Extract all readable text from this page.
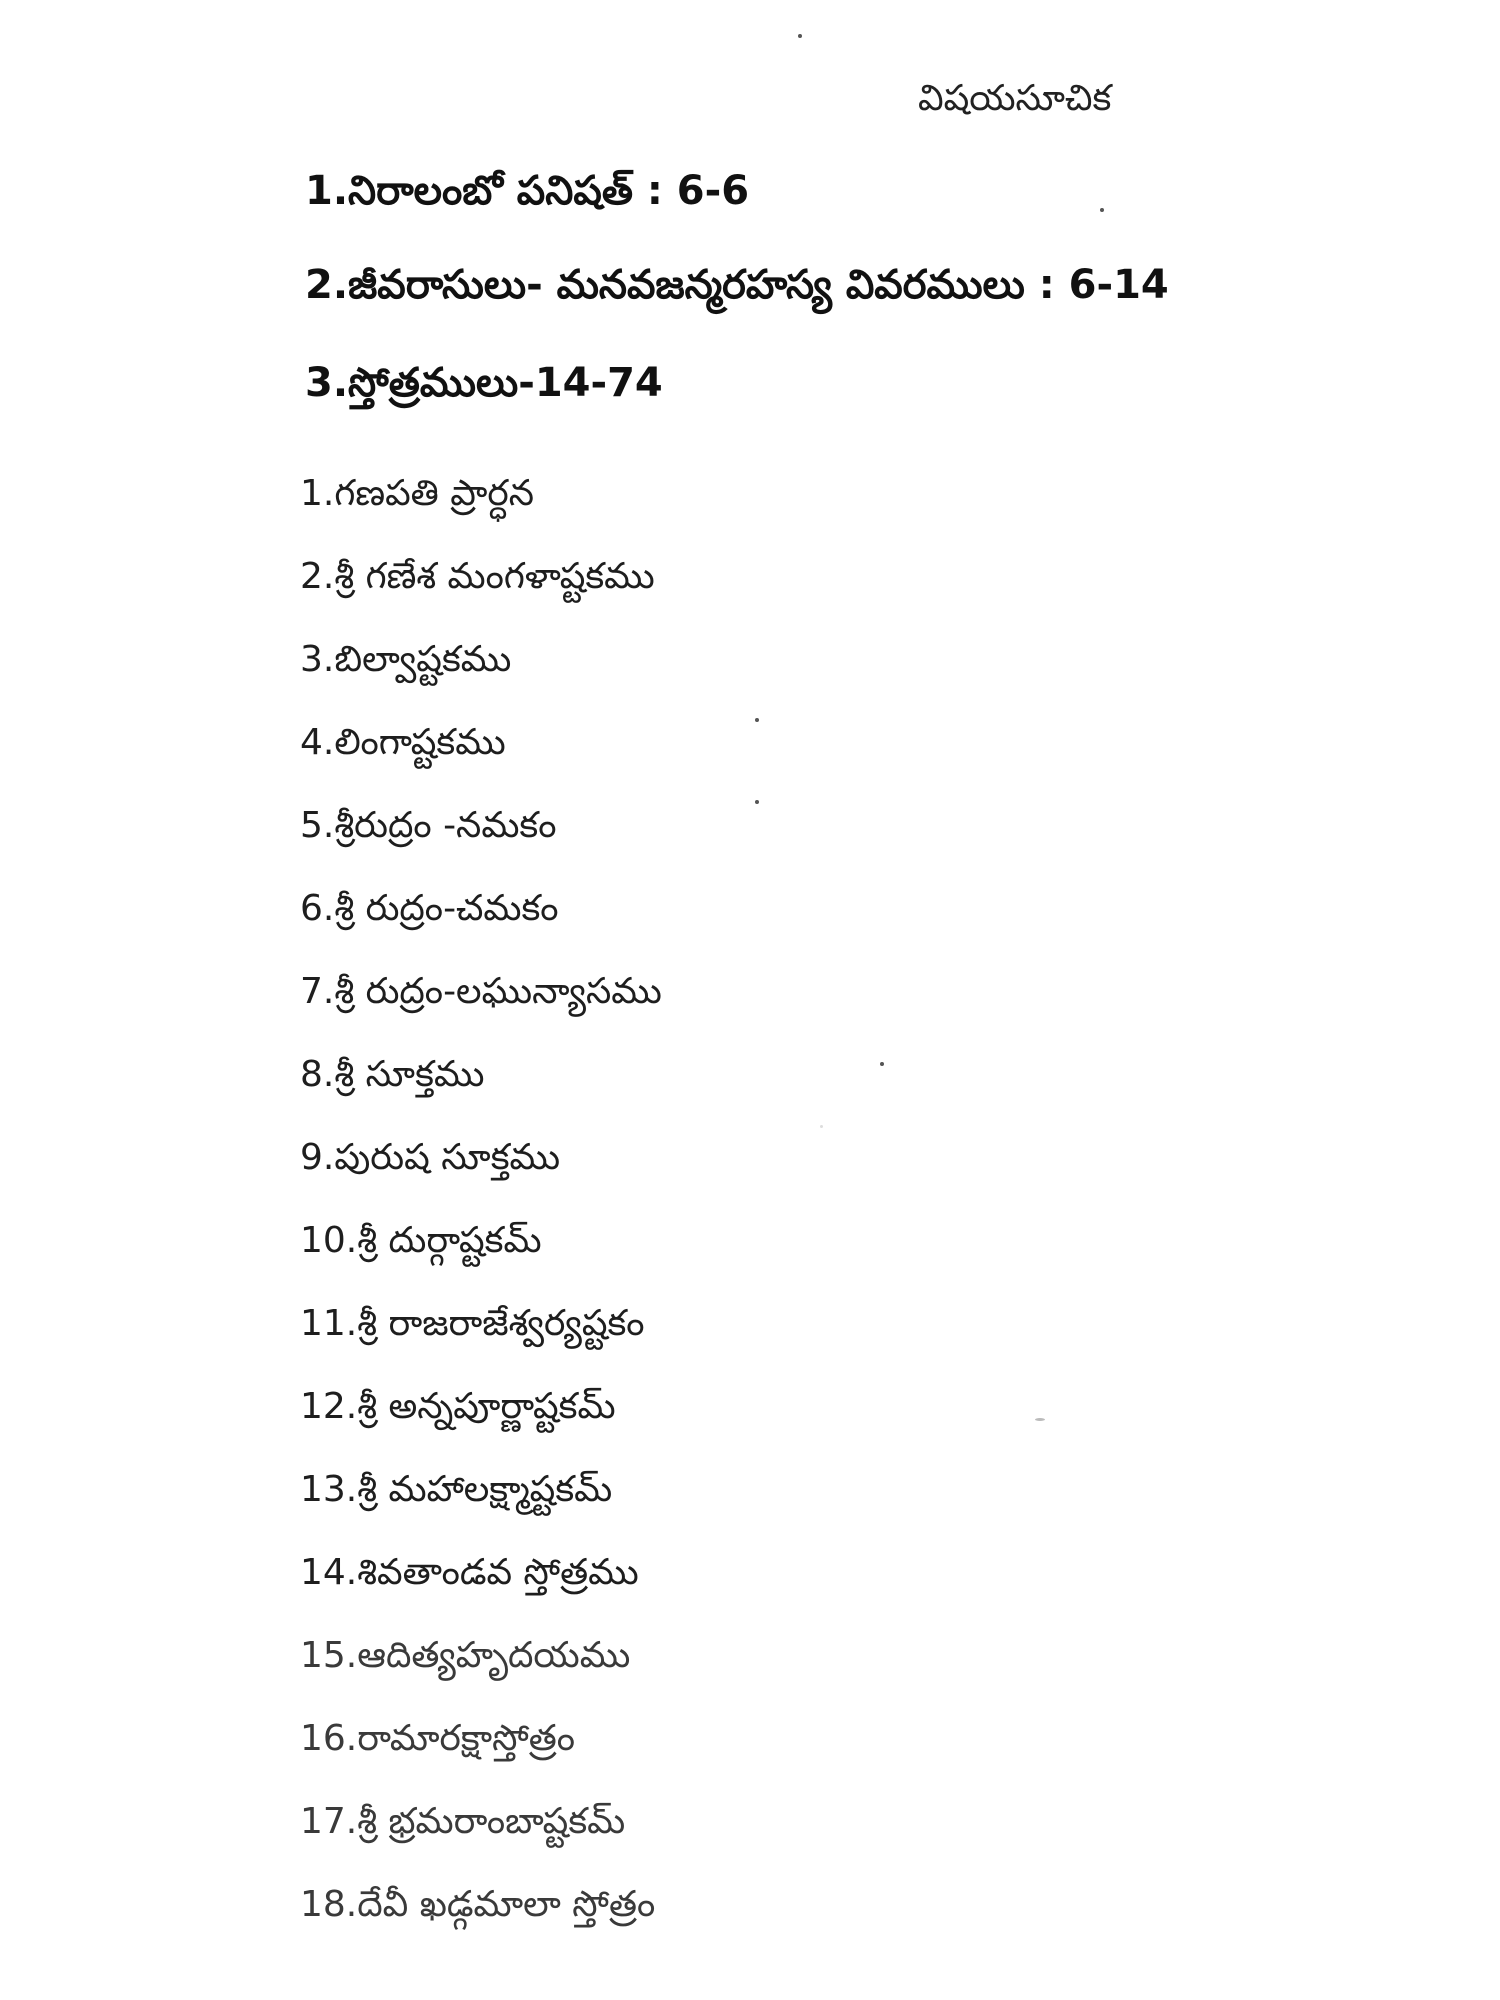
విషయసూచిక
1.నిరాలంబో పనిషత్ : 6-6
2.జీవరాసులు- మనవజన్మరహస్య వివరములు : 6-14
3.స్తోత్రములు-14-74
1.గణపతి ప్రార్ధన
2.శ్రీ గణేశ మంగళాష్టకము
3.బిల్వాష్టకము
4.లింగాష్టకము
5.శ్రీరుద్రం -నమకం
6.శ్రీ రుద్రం-చమకం
7.శ్రీ రుద్రం-లఘున్యాసము
8.శ్రీ సూక్తము
9.పురుష సూక్తము
10.శ్రీ దుర్గాష్టకమ్
11.శ్రీ రాజరాజేశ్వర్యష్టకం
12.శ్రీ అన్నపూర్ణాష్టకమ్
13.శ్రీ మహాలక్ష్మాష్టకమ్
14.శివతాండవ స్తోత్రము
15.ఆదిత్యహృదయము
16.రామారక్షాస్తోత్రం
17.శ్రీ భ్రమరాంబాష్టకమ్
18.దేవీ ఖడ్గమాలా స్తోత్రం
